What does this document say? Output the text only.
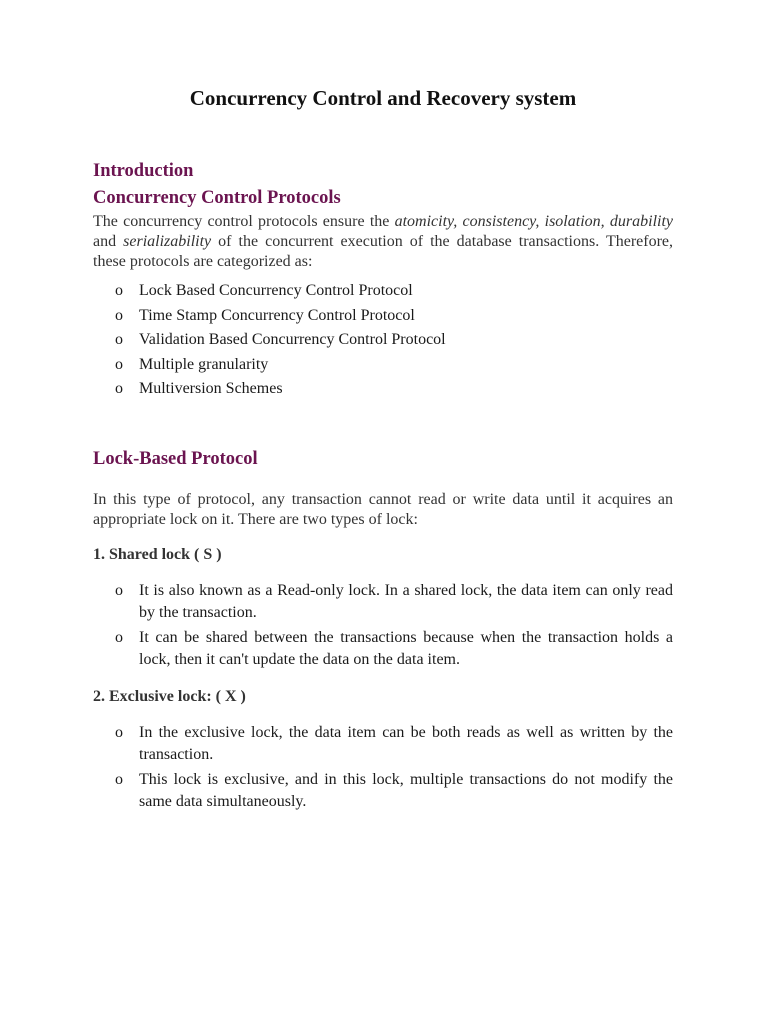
Concurrency Control and Recovery system
Introduction
Concurrency Control Protocols

The concurrency control protocols ensure the atomicity, consistency, isolation, durability and serializability of the concurrent execution of the database transactions. Therefore, these protocols are categorized as:

o Lock Based Concurrency Control Protocol
o Time Stamp Concurrency Control Protocol
o Validation Based Concurrency Control Protocol
o Multiple granularity
o Multiversion Schemes
Lock-Based Protocol

In this type of protocol, any transaction cannot read or write data until it acquires an appropriate lock on it. There are two types of lock:

1. Shared lock ( S )
o It is also known as a Read-only lock. In a shared lock, the data item can only read by the transaction.
o It can be shared between the transactions because when the transaction holds a lock, then it can't update the data on the data item.
2. Exclusive lock: ( X )
o In the exclusive lock, the data item can be both reads as well as written by the transaction.
o This lock is exclusive, and in this lock, multiple transactions do not modify the same data simultaneously.
